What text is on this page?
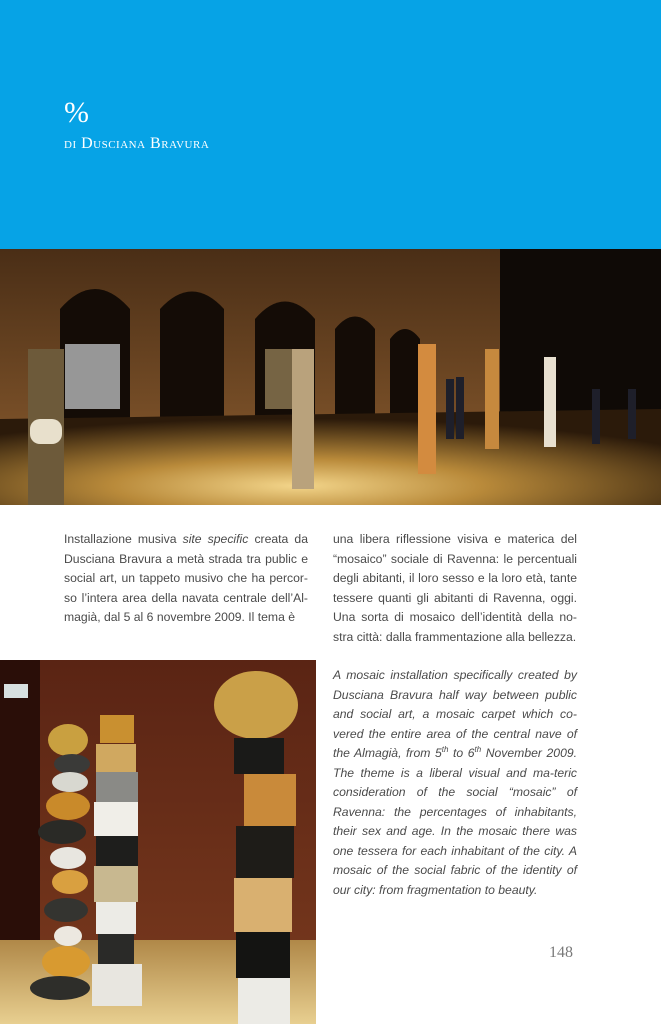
%
di Dusciana Bravura
Installazione musiva site specific creata da Dusciana Bravura a metà strada tra public e social art, un tappeto musivo che ha percor-so l’intera area della navata centrale dell’Al-magià, dal 5 al 6 novembre 2009. Il tema è
una libera riflessione visiva e materica del “mosaico” sociale di Ravenna: le percentuali degli abitanti, il loro sesso e la loro età, tante tessere quanti gli abitanti di Ravenna, oggi. Una sorta di mosaico dell’identità della no-stra città: dalla frammentazione alla bellezza.
A mosaic installation specifically created by Dusciana Bravura half way between public and social art, a mosaic carpet which co-vered the entire area of the central nave of the Almagià, from 5th to 6th November 2009. The theme is a liberal visual and ma-teric consideration of the social “mosaic” of Ravenna: the percentages of inhabitants, their sex and age. In the mosaic there was one tessera for each inhabitant of the city. A mosaic of the social fabric of the identity of our city: from fragmentation to beauty.
148
